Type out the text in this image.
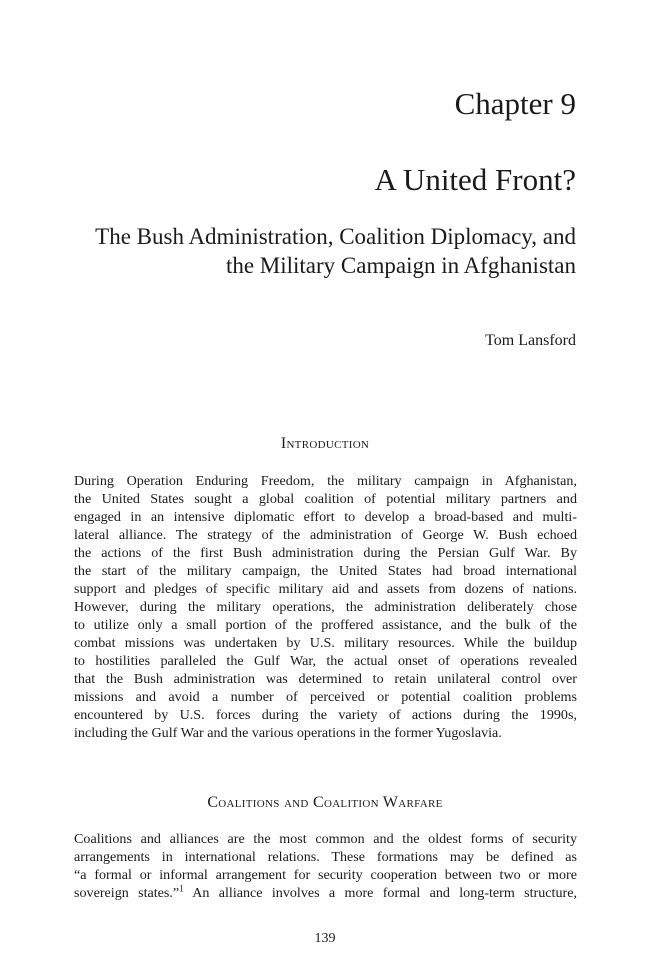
Chapter 9
A United Front?
The Bush Administration, Coalition Diplomacy, and
the Military Campaign in Afghanistan
Tom Lansford
Introduction
During Operation Enduring Freedom, the military campaign in Afghanistan,
the United States sought a global coalition of potential military partners and
engaged in an intensive diplomatic effort to develop a broad-based and multi-
lateral alliance. The strategy of the administration of George W. Bush echoed
the actions of the first Bush administration during the Persian Gulf War. By
the start of the military campaign, the United States had broad international
support and pledges of specific military aid and assets from dozens of nations.
However, during the military operations, the administration deliberately chose
to utilize only a small portion of the proffered assistance, and the bulk of the
combat missions was undertaken by U.S. military resources. While the buildup
to hostilities paralleled the Gulf War, the actual onset of operations revealed
that the Bush administration was determined to retain unilateral control over
missions and avoid a number of perceived or potential coalition problems
encountered by U.S. forces during the variety of actions during the 1990s,
including the Gulf War and the various operations in the former Yugoslavia.
Coalitions and Coalition Warfare
Coalitions and alliances are the most common and the oldest forms of security
arrangements in international relations. These formations may be defined as
“a formal or informal arrangement for security cooperation between two or more
sovereign states.”$^1$ An alliance involves a more formal and long-term structure,
139
